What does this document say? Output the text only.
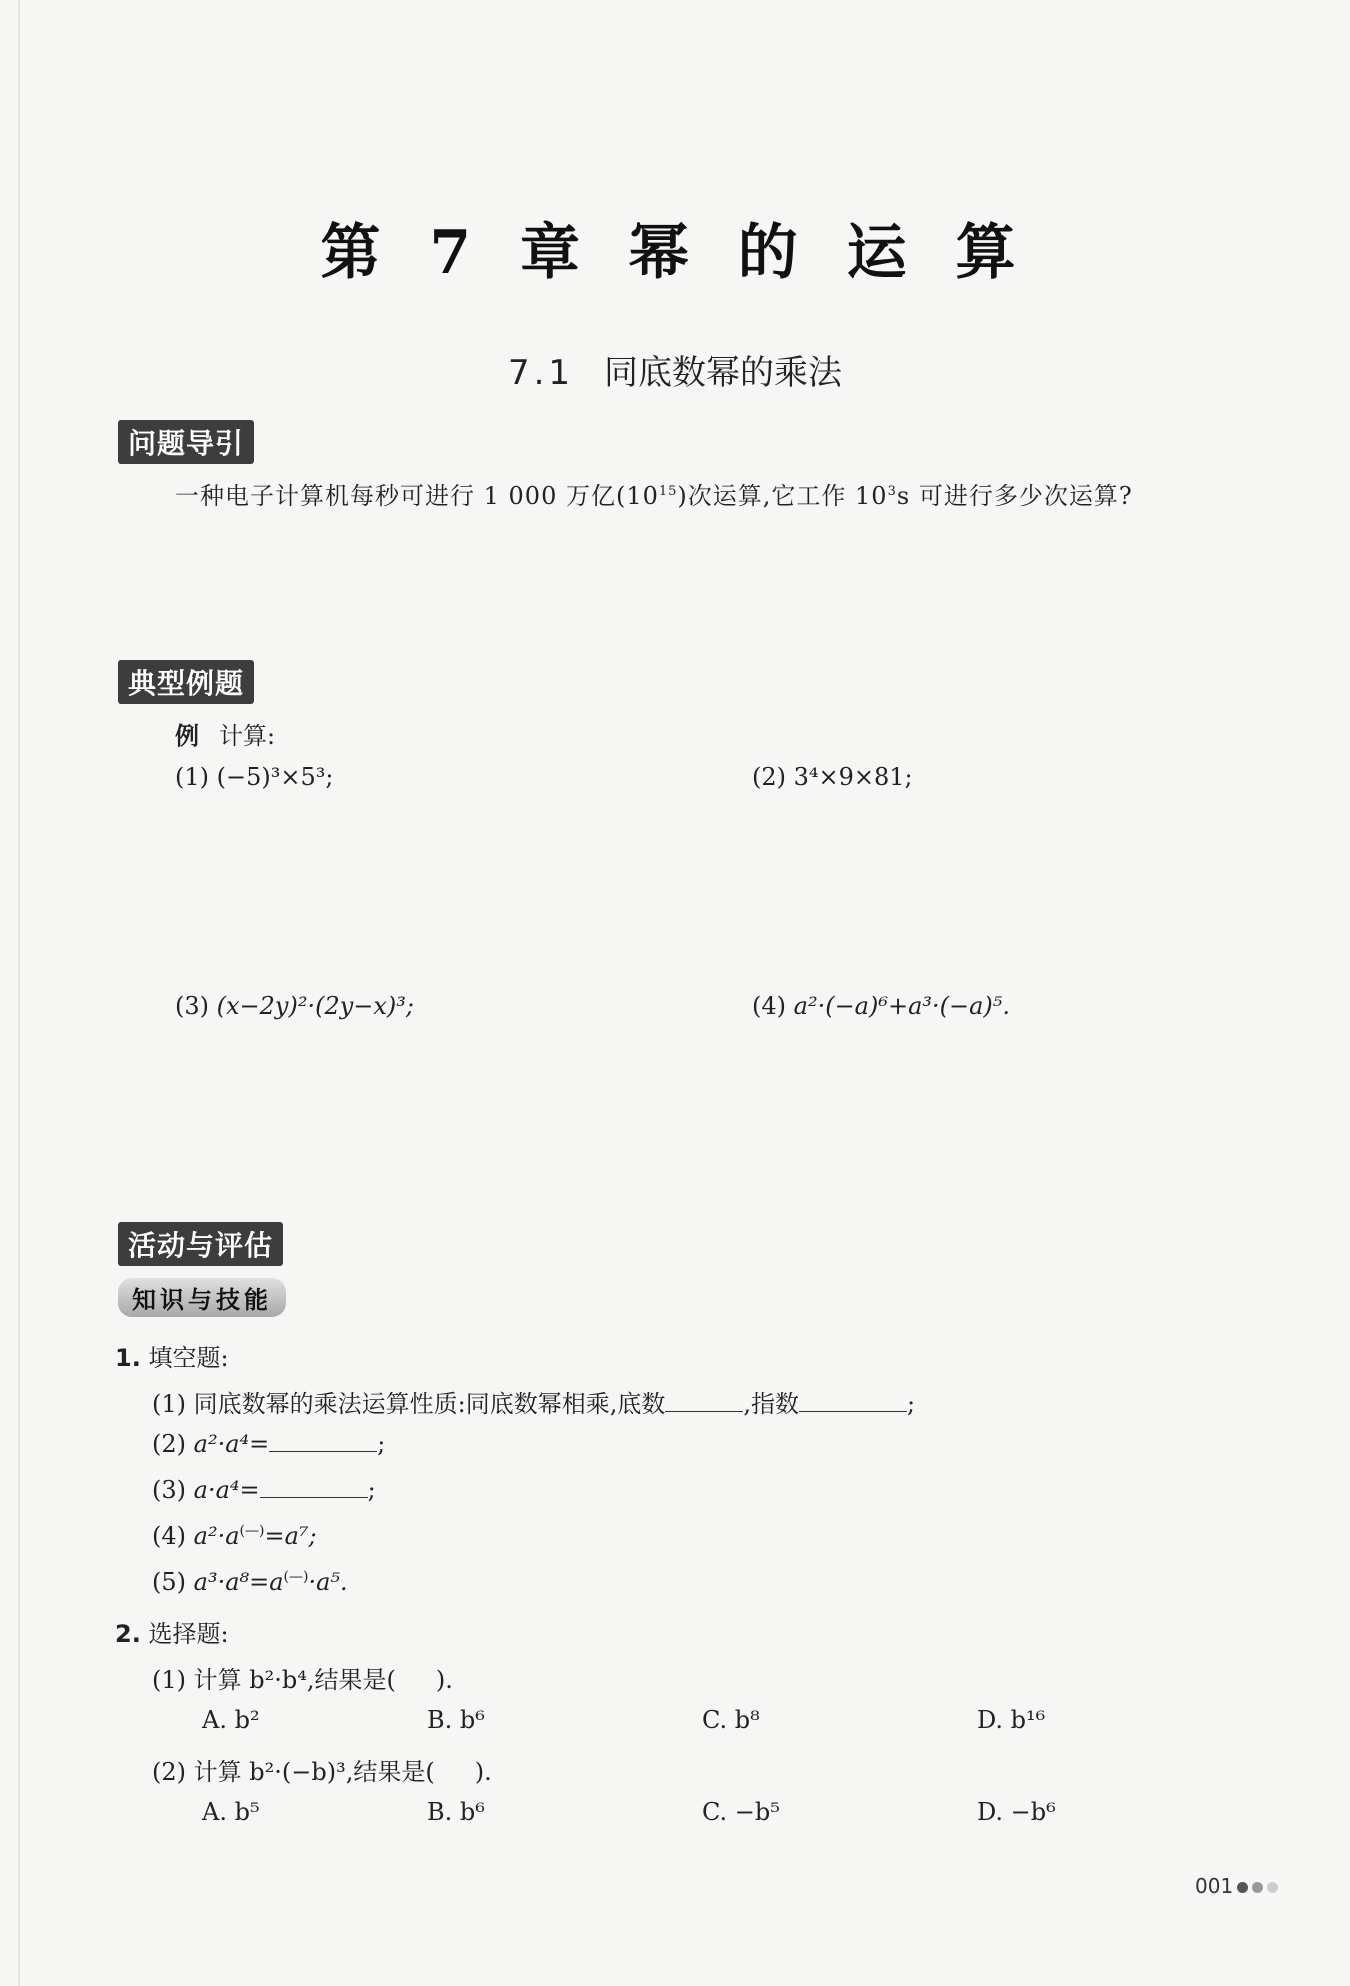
第 7 章 幂 的 运 算
7.1 同底数幂的乘法
问题导引
一种电子计算机每秒可进行 1 000 万亿$(10^{15})$次运算,它工作 $10^3s$ 可进行多少次运算?
典型例题
例 计算:
(1) (−5)³×5³;	(2) 3⁴×9×81;
(3) (x−2y)²·(2y−x)³;	(4) a²·(−a)⁶+a³·(−a)⁵.
活动与评估
知识与技能
1. 填空题:
(1) 同底数幂的乘法运算性质:同底数幂相乘,底数	,指数	;
(2) a²·a⁴=	;
(3) a·a⁴=	;
(4) a²·a(—)=a⁷;
(5) a³·a⁸=a(—)·a⁵.
2. 选择题:
(1) 计算 b²·b⁴,结果是( ).
A. b²	B. b⁶	C. b⁸	D. b¹⁶
(2) 计算 b²·(−b)³,结果是( ).
A. b⁵	B. b⁶	C. −b⁵	D. −b⁶
001
